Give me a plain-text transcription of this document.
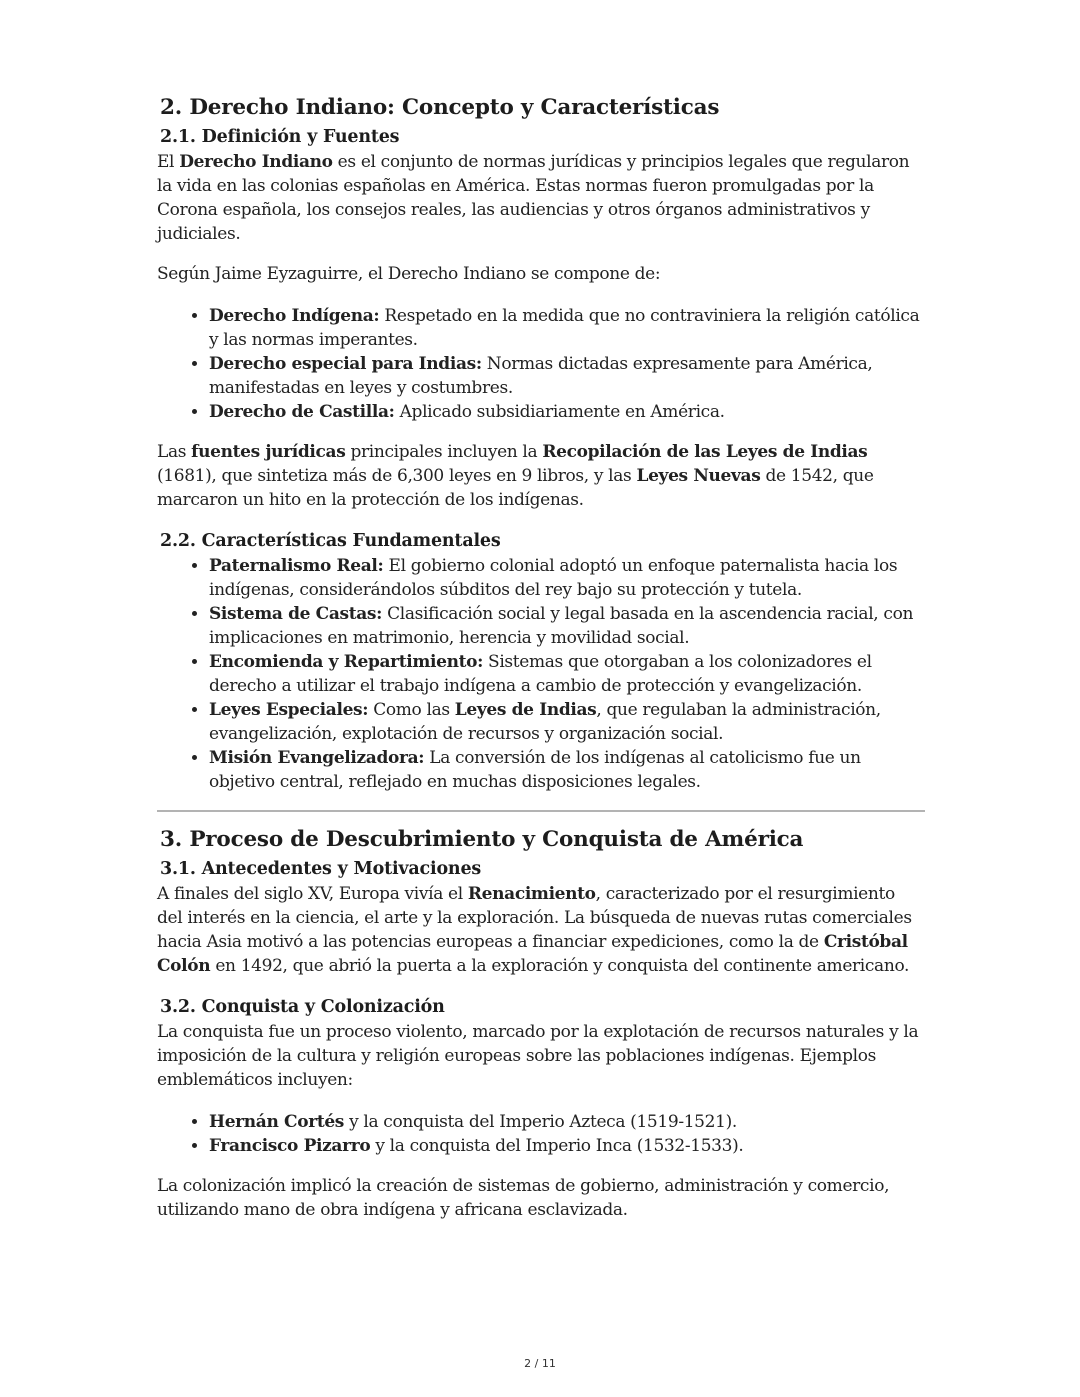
2. Derecho Indiano: Concepto y Características
2.1. Definición y Fuentes

El Derecho Indiano es el conjunto de normas jurídicas y principios legales que regularon la vida en las colonias españolas en América. Estas normas fueron promulgadas por la Corona española, los consejos reales, las audiencias y otros órganos administrativos y judiciales.

Según Jaime Eyzaguirre, el Derecho Indiano se compone de:

• Derecho Indígena: Respetado en la medida que no contraviniera la religión católica y las normas imperantes.
• Derecho especial para Indias: Normas dictadas expresamente para América, manifestadas en leyes y costumbres.
• Derecho de Castilla: Aplicado subsidiariamente en América.

Las fuentes jurídicas principales incluyen la Recopilación de las Leyes de Indias (1681), que sintetiza más de 6,300 leyes en 9 libros, y las Leyes Nuevas de 1542, que marcaron un hito en la protección de los indígenas.

2.2. Características Fundamentales
• Paternalismo Real: El gobierno colonial adoptó un enfoque paternalista hacia los indígenas, considerándolos súbditos del rey bajo su protección y tutela.
• Sistema de Castas: Clasificación social y legal basada en la ascendencia racial, con implicaciones en matrimonio, herencia y movilidad social.
• Encomienda y Repartimiento: Sistemas que otorgaban a los colonizadores el derecho a utilizar el trabajo indígena a cambio de protección y evangelización.
• Leyes Especiales: Como las Leyes de Indias, que regulaban la administración, evangelización, explotación de recursos y organización social.
• Misión Evangelizadora: La conversión de los indígenas al catolicismo fue un objetivo central, reflejado en muchas disposiciones legales.
3. Proceso de Descubrimiento y Conquista de América
3.1. Antecedentes y Motivaciones

A finales del siglo XV, Europa vivía el Renacimiento, caracterizado por el resurgimiento del interés en la ciencia, el arte y la exploración. La búsqueda de nuevas rutas comerciales hacia Asia motivó a las potencias europeas a financiar expediciones, como la de Cristóbal Colón en 1492, que abrió la puerta a la exploración y conquista del continente americano.

3.2. Conquista y Colonización

La conquista fue un proceso violento, marcado por la explotación de recursos naturales y la imposición de la cultura y religión europeas sobre las poblaciones indígenas. Ejemplos emblemáticos incluyen:

• Hernán Cortés y la conquista del Imperio Azteca (1519-1521).
• Francisco Pizarro y la conquista del Imperio Inca (1532-1533).

La colonización implicó la creación de sistemas de gobierno, administración y comercio, utilizando mano de obra indígena y africana esclavizada.

2 / 11
